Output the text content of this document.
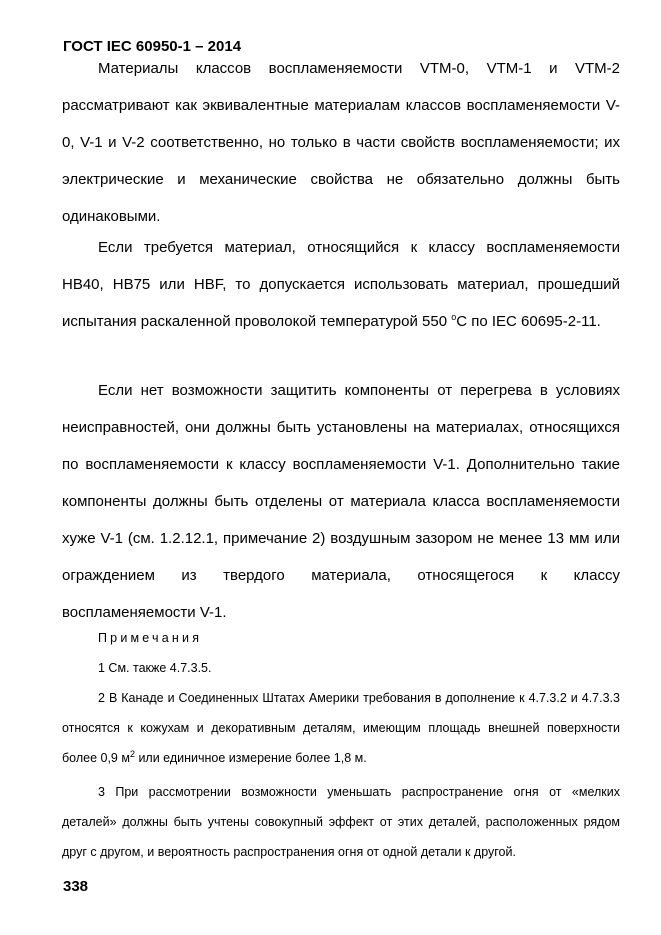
ГОСТ IEC 60950-1 – 2014

Материалы классов воспламеняемости VTM-0, VTM-1 и VTM-2 рассматривают как эквивалентные материалам классов воспламеняемости V-0, V-1 и V-2 соответственно, но только в части свойств воспламеняемости; их электрические и механические свойства не обязательно должны быть одинаковыми.

Если требуется материал, относящийся к классу воспламеняемости HB40, HB75 или HBF, то допускается использовать материал, прошедший испытания раскаленной проволокой температурой 550 $^о$С по IEC 60695-2-11.

Если нет возможности защитить компоненты от перегрева в условиях неисправностей, они должны быть установлены на материалах, относящихся по воспламеняемости к классу воспламеняемости V-1. Дополнительно такие компоненты должны быть отделены от материала класса воспламеняемости хуже V-1 (см. 1.2.12.1, примечание 2) воздушным зазором не менее 13 мм или ограждением из твердого материала, относящегося к классу воспламеняемости V-1.

Примечания

1 См. также 4.7.3.5.

2 В Канаде и Соединенных Штатах Америки требования в дополнение к 4.7.3.2 и 4.7.3.3 относятся к кожухам и декоративным деталям, имеющим площадь внешней поверхности более 0,9 $м^2$ или единичное измерение более 1,8 м.

3 При рассмотрении возможности уменьшать распространение огня от «мелких деталей» должны быть учтены совокупный эффект от этих деталей, расположенных рядом друг с другом, и вероятность распространения огня от одной детали к другой.

338
